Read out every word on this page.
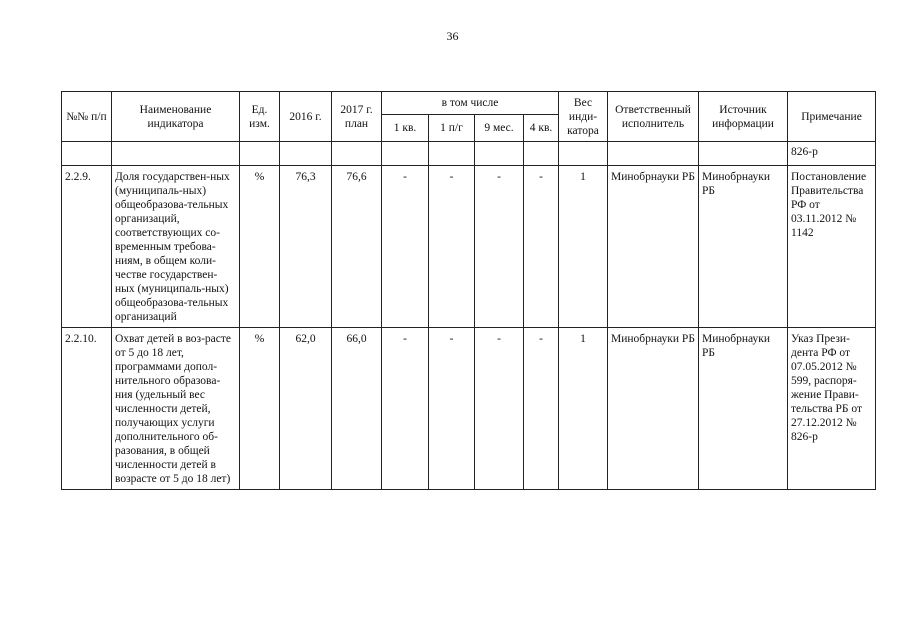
36
№№ п/п	Наименование индикатора	Ед. изм.	2016 г.	2017 г. план	в том числе				Вес инди-катора	Ответственный исполнитель	Источник информации	Примечание
					1 кв.	1 п/г	9 мес.	4 кв.				
												826-р
2.2.9.	Доля государствен-ных (муниципаль-ных) общеобразова-тельных организаций, соответствующих со-временным требова-ниям, в общем коли-честве государствен-ных (муниципаль-ных) общеобразова-тельных организаций	%	76,3	76,6	-	-	-	-	1	Минобрнауки РБ	Минобрнауки РБ	Постановление Правительства РФ от 03.11.2012 № 1142
2.2.10.	Охват детей в воз-расте от 5 до 18 лет, программами допол-нительного образова-ния (удельный вес численности детей, получающих услуги дополнительного об-разования, в общей численности детей в возрасте от 5 до 18 лет)	%	62,0	66,0	-	-	-	-	1	Минобрнауки РБ	Минобрнауки РБ	Указ Прези-дента РФ от 07.05.2012 № 599, распоря-жение Прави-тельства РБ от 27.12.2012 № 826-р
